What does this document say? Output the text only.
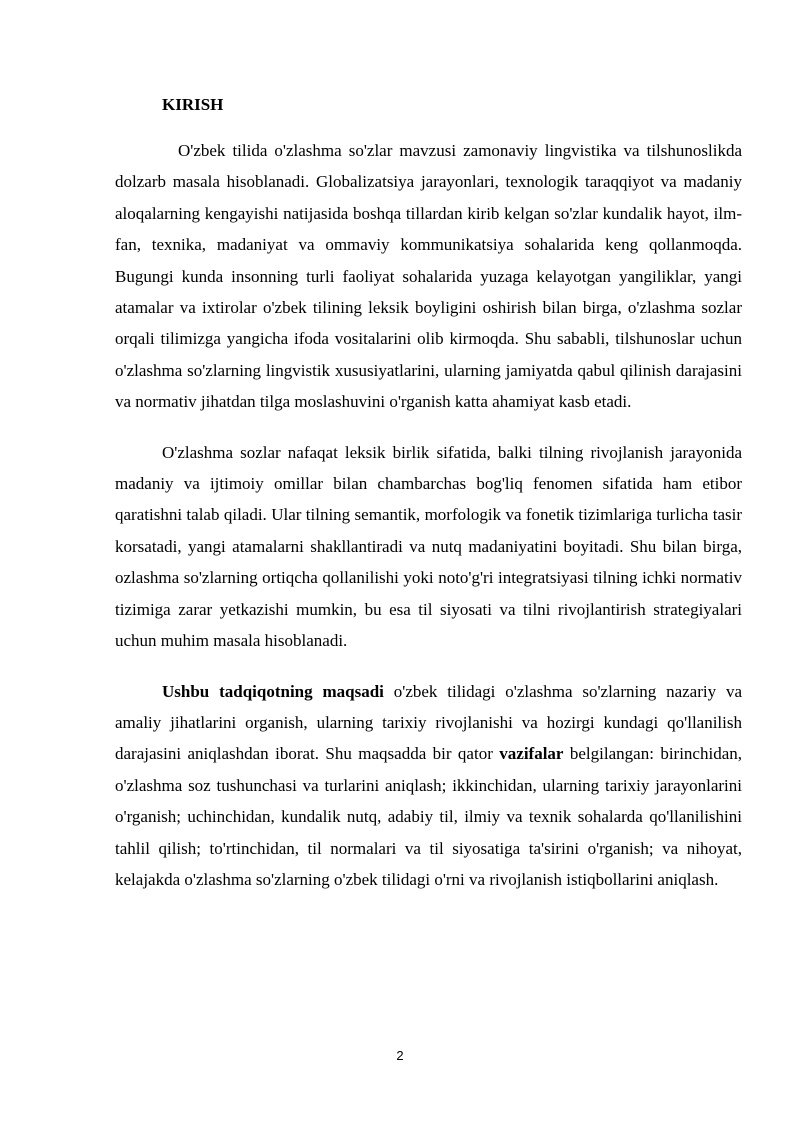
KIRISH

O'zbek tilida o'zlashma so'zlar mavzusi zamonaviy lingvistika va tilshunoslikda dolzarb masala hisoblanadi. Globalizatsiya jarayonlari, texnologik taraqqiyot va madaniy aloqalarning kengayishi natijasida boshqa tillardan kirib kelgan so'zlar kundalik hayot, ilm-fan, texnika, madaniyat va ommaviy kommunikatsiya sohalarida keng qollanmoqda. Bugungi kunda insonning turli faoliyat sohalarida yuzaga kelayotgan yangiliklar, yangi atamalar va ixtirolar o'zbek tilining leksik boyligini oshirish bilan birga, o'zlashma sozlar orqali tilimizga yangicha ifoda vositalarini olib kirmoqda. Shu sababli, tilshunoslar uchun o'zlashma so'zlarning lingvistik xususiyatlarini, ularning jamiyatda qabul qilinish darajasini va normativ jihatdan tilga moslashuvini o'rganish katta ahamiyat kasb etadi.

O'zlashma sozlar nafaqat leksik birlik sifatida, balki tilning rivojlanish jarayonida madaniy va ijtimoiy omillar bilan chambarchas bog'liq fenomen sifatida ham etibor qaratishni talab qiladi. Ular tilning semantik, morfologik va fonetik tizimlariga turlicha tasir korsatadi, yangi atamalarni shakllantiradi va nutq madaniyatini boyitadi. Shu bilan birga, ozlashma so'zlarning ortiqcha qollanilishi yoki noto'g'ri integratsiyasi tilning ichki normativ tizimiga zarar yetkazishi mumkin, bu esa til siyosati va tilni rivojlantirish strategiyalari uchun muhim masala hisoblanadi.

Ushbu tadqiqotning maqsadi o'zbek tilidagi o'zlashma so'zlarning nazariy va amaliy jihatlarini organish, ularning tarixiy rivojlanishi va hozirgi kundagi qo'llanilish darajasini aniqlashdan iborat. Shu maqsadda bir qator vazifalar belgilangan: birinchidan, o'zlashma soz tushunchasi va turlarini aniqlash; ikkinchidan, ularning tarixiy jarayonlarini o'rganish; uchinchidan, kundalik nutq, adabiy til, ilmiy va texnik sohalarda qo'llanilishini tahlil qilish; to'rtinchidan, til normalari va til siyosatiga ta'sirini o'rganish; va nihoyat, kelajakda o'zlashma so'zlarning o'zbek tilidagi o'rni va rivojlanish istiqbollarini aniqlash.

2
